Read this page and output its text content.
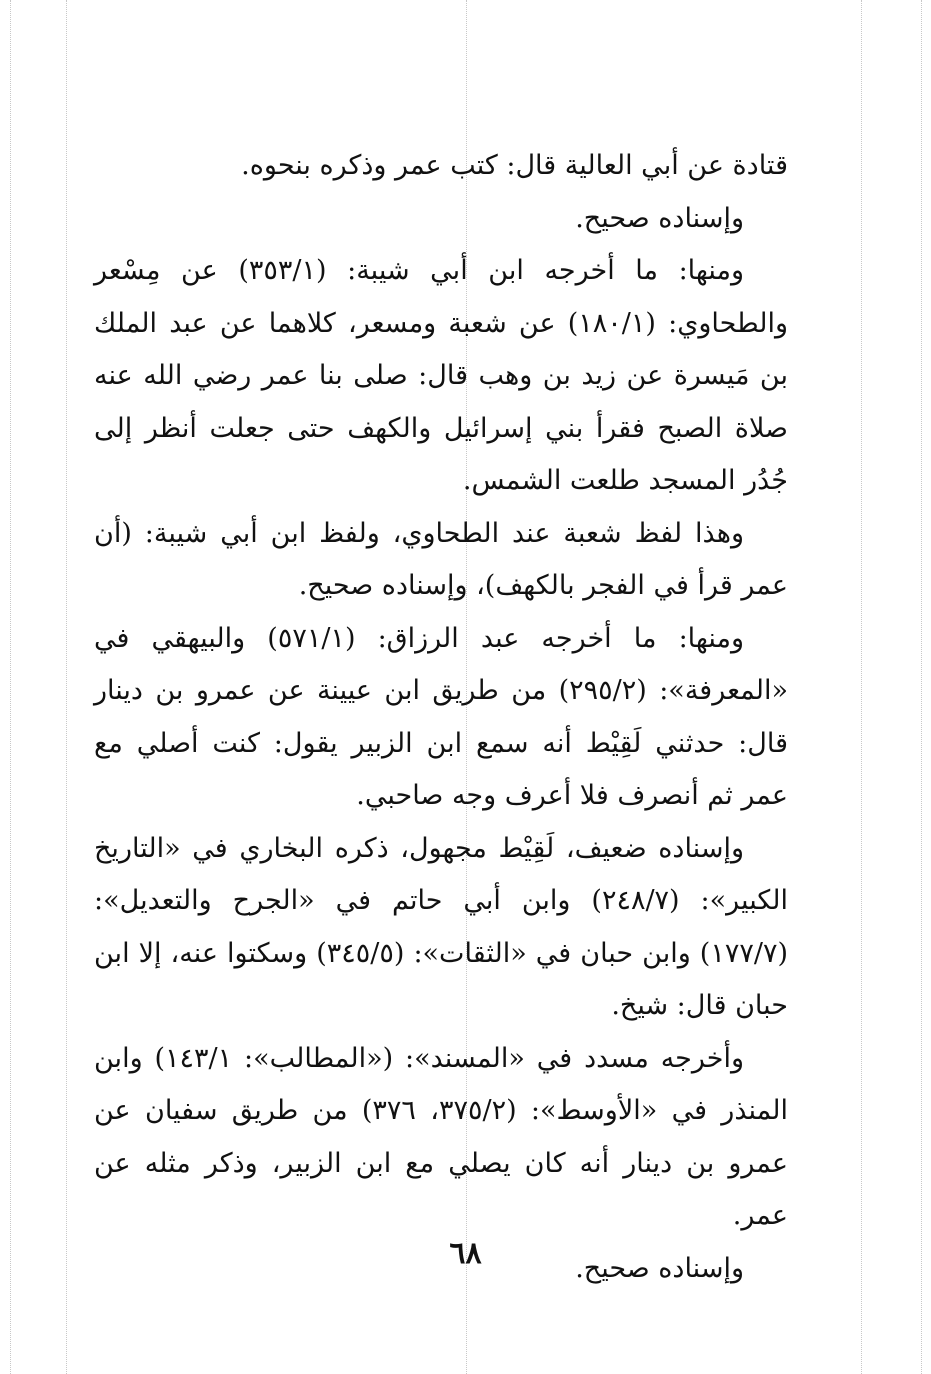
قتادة عن أبي العالية قال: كتب عمر وذكره بنحوه.

وإسناده صحيح.

ومنها: ما أخرجه ابن أبي شيبة: (٣٥٣/١) عن مِسْعر والطحاوي: (١٨٠/١) عن شعبة ومسعر، كلاهما عن عبد الملك بن مَيسرة عن زيد بن وهب قال: صلى بنا عمر رضي الله عنه صلاة الصبح فقرأ بني إسرائيل والكهف حتى جعلت أنظر إلى جُدُر المسجد طلعت الشمس.

وهذا لفظ شعبة عند الطحاوي، ولفظ ابن أبي شيبة: (أن عمر قرأ في الفجر بالكهف)، وإسناده صحيح.

ومنها: ما أخرجه عبد الرزاق: (٥٧١/١) والبيهقي في «المعرفة»: (٢٩٥/٢) من طريق ابن عيينة عن عمرو بن دينار قال: حدثني لَقِيْط أنه سمع ابن الزبير يقول: كنت أصلي مع عمر ثم أنصرف فلا أعرف وجه صاحبي.

وإسناده ضعيف، لَقِيْط مجهول، ذكره البخاري في «التاريخ الكبير»: (٢٤٨/٧) وابن أبي حاتم في «الجرح والتعديل»: (١٧٧/٧) وابن حبان في «الثقات»: (٣٤٥/٥) وسكتوا عنه، إلا ابن حبان قال: شيخ.

وأخرجه مسدد في «المسند»: («المطالب»: ١٤٣/١) وابن المنذر في «الأوسط»: (٣٧٥/٢، ٣٧٦) من طريق سفيان عن عمرو بن دينار أنه كان يصلي مع ابن الزبير، وذكر مثله عن عمر.

وإسناده صحيح.

٦٨
